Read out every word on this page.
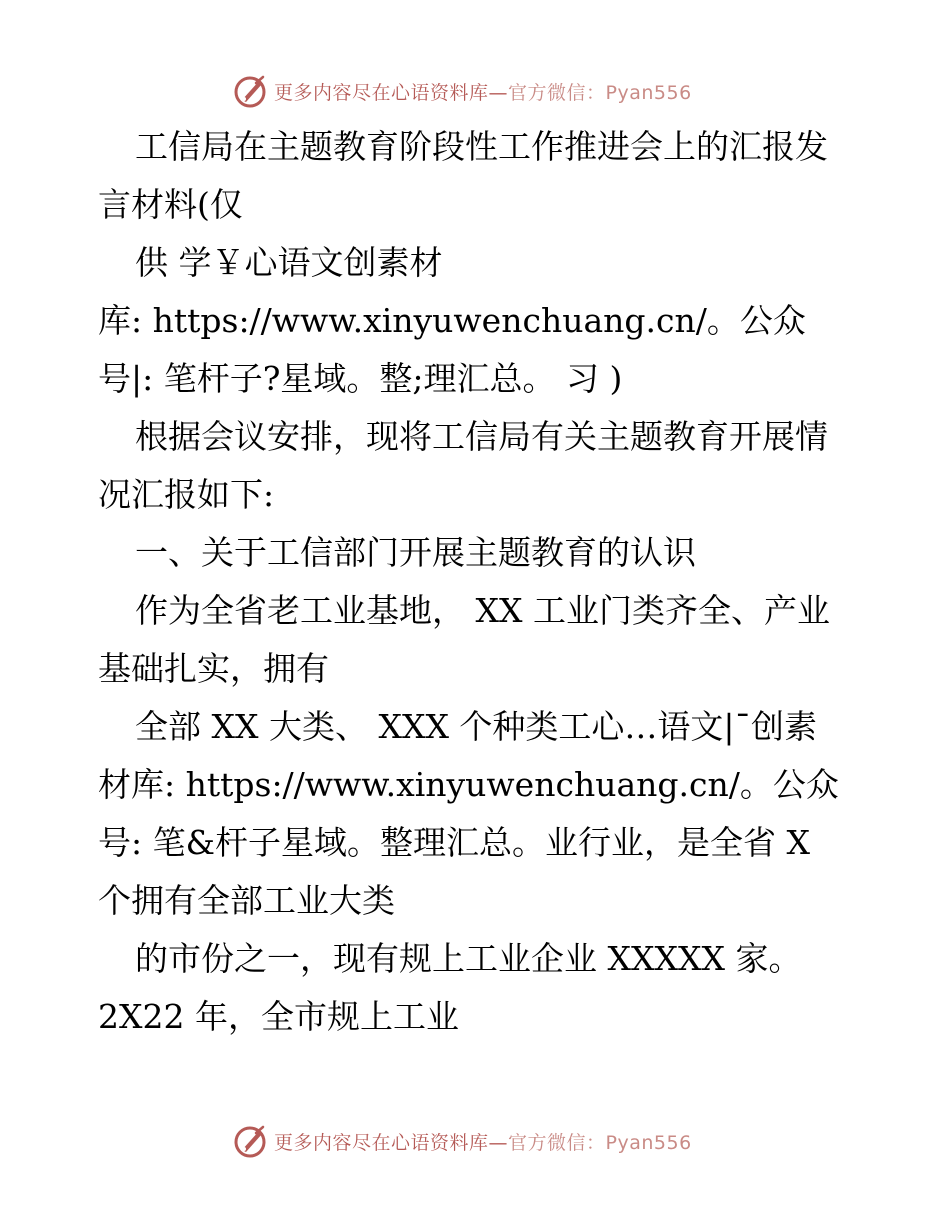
更多内容尽在心语资料库—官方微信：Pyan556
工信局在主题教育阶段性工作推进会上的汇报发
言材料(仅
供 学￥心语文创素材
库: https://www.xinyuwenchuang.cn/。公众
号|: 笔杆子?星域。整;理汇总。 习 )
根据会议安排，现将工信局有关主题教育开展情
况汇报如下:
一、关于工信部门开展主题教育的认识
作为全省老工业基地， XX 工业门类齐全、产业
基础扎实，拥有
全部 XX 大类、 XXX 个种类工心…语文|¯创素
材库: https://www.xinyuwenchuang.cn/。公众
号: 笔&杆子星域。整理汇总。业行业，是全省 X
个拥有全部工业大类
的市份之一，现有规上工业企业 XXXXX 家。
2X22 年，全市规上工业
更多内容尽在心语资料库—官方微信：Pyan556
